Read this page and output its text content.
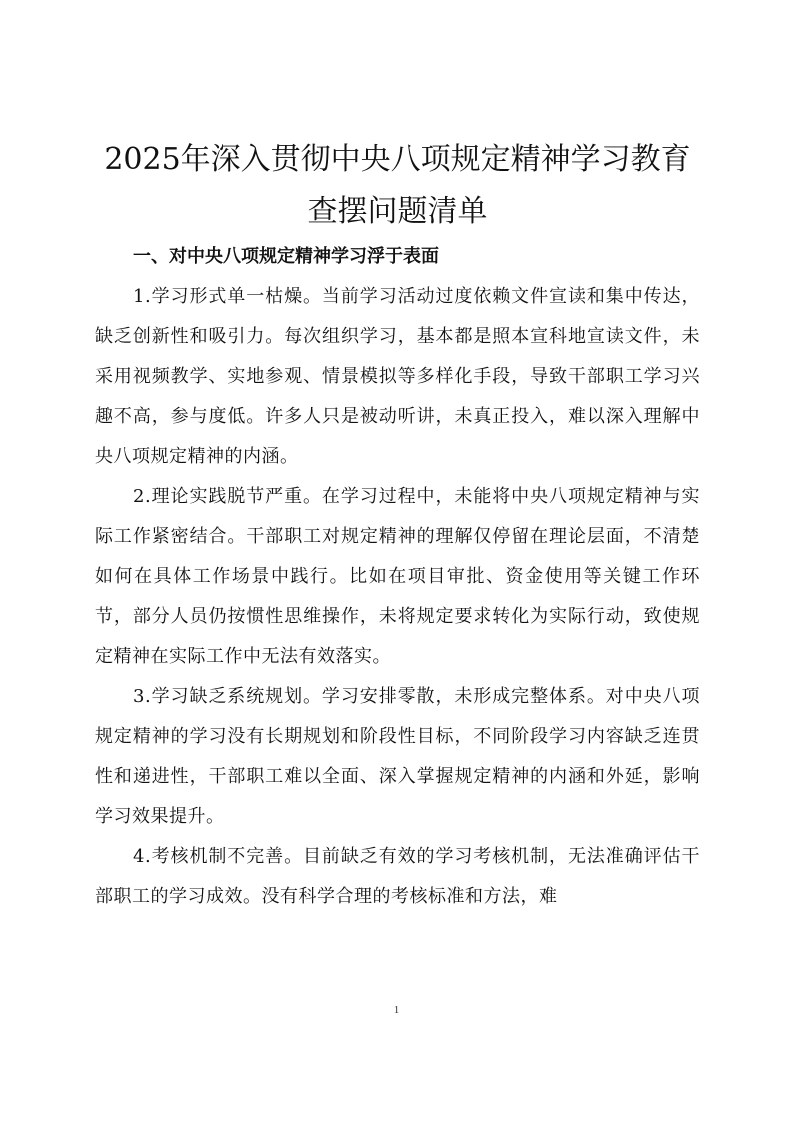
2025年深入贯彻中央八项规定精神学习教育查摆问题清单

一、对中央八项规定精神学习浮于表面

1.学习形式单一枯燥。当前学习活动过度依赖文件宣读和集中传达，缺乏创新性和吸引力。每次组织学习，基本都是照本宣科地宣读文件，未采用视频教学、实地参观、情景模拟等多样化手段，导致干部职工学习兴趣不高，参与度低。许多人只是被动听讲，未真正投入，难以深入理解中央八项规定精神的内涵。

2.理论实践脱节严重。在学习过程中，未能将中央八项规定精神与实际工作紧密结合。干部职工对规定精神的理解仅停留在理论层面，不清楚如何在具体工作场景中践行。比如在项目审批、资金使用等关键工作环节，部分人员仍按惯性思维操作，未将规定要求转化为实际行动，致使规定精神在实际工作中无法有效落实。

3.学习缺乏系统规划。学习安排零散，未形成完整体系。对中央八项规定精神的学习没有长期规划和阶段性目标，不同阶段学习内容缺乏连贯性和递进性，干部职工难以全面、深入掌握规定精神的内涵和外延，影响学习效果提升。

4.考核机制不完善。目前缺乏有效的学习考核机制，无法准确评估干部职工的学习成效。没有科学合理的考核标准和方法，难

1
